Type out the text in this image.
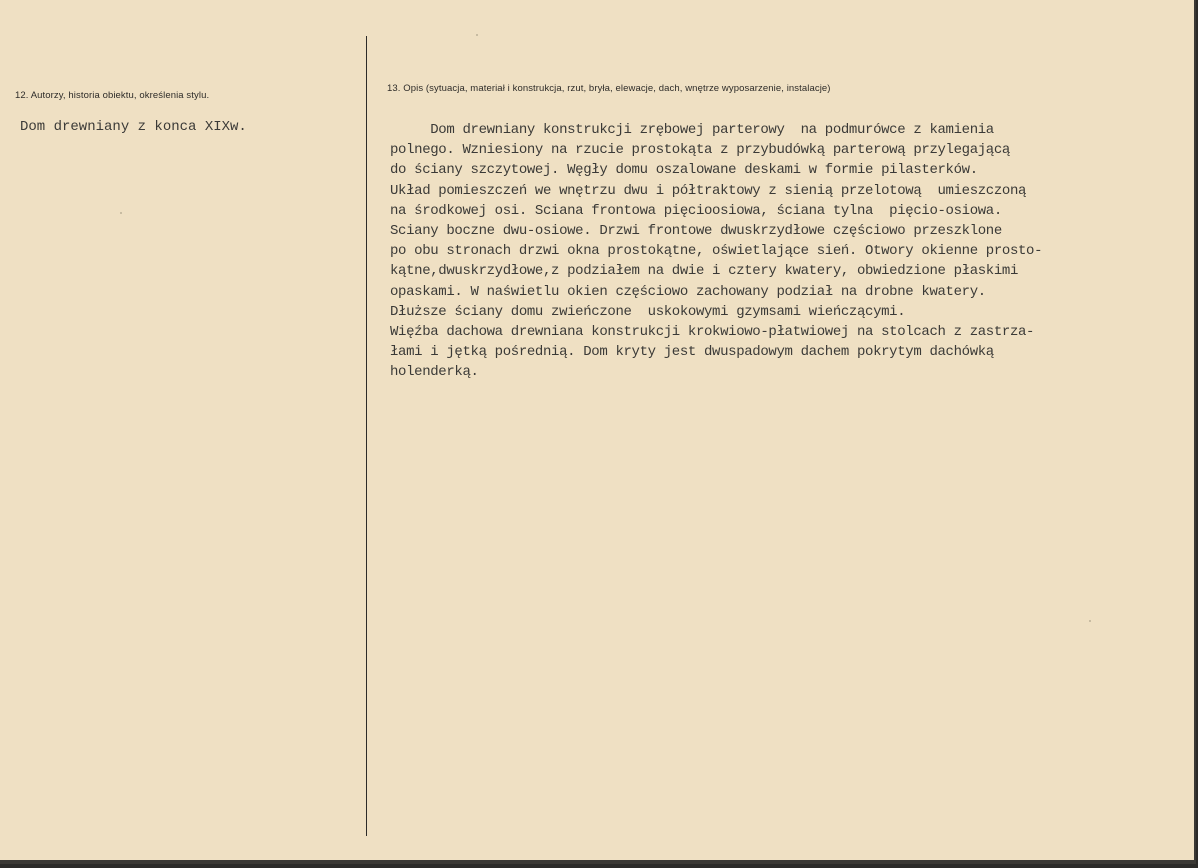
12. Autorzy, historia obiektu, określenia stylu.
Dom drewniany z konca XIXw.
13. Opis (sytuacja, materiał i konstrukcja, rzut, bryła, elewacje, dach, wnętrze wyposarzenie, instalacje)
Dom drewniany konstrukcji zrębowej parterowy  na podmurówce z kamienia
polnego. Wzniesiony na rzucie prostokąta z przybudówką parterową przylegającą
do ściany szczytowej. Węgły domu oszalowane deskami w formie pilasterków.
Układ pomieszczeń we wnętrzu dwu i półtraktowy z sienią przelotową  umieszczoną
na środkowej osi. Sciana frontowa pięcioosiowa, ściana tylna  pięcio-osiowa.
Sciany boczne dwu-osiowe. Drzwi frontowe dwuskrzydłowe częściowo przeszklone
po obu stronach drzwi okna prostokątne, oświetlające sień. Otwory okienne prosto-
kątne,dwuskrzydłowe,z podziałem na dwie i cztery kwatery, obwiedzione płaskimi
opaskami. W naświetlu okien częściowo zachowany podział na drobne kwatery.
Dłuższe ściany domu zwieńczone  uskokowymi gzymsami wieńczącymi.
Więźba dachowa drewniana konstrukcji krokwiowo-płatwiowej na stolcach z zastrza-
łami i jętką pośrednią. Dom kryty jest dwuspadowym dachem pokrytym dachówką
holenderką.
